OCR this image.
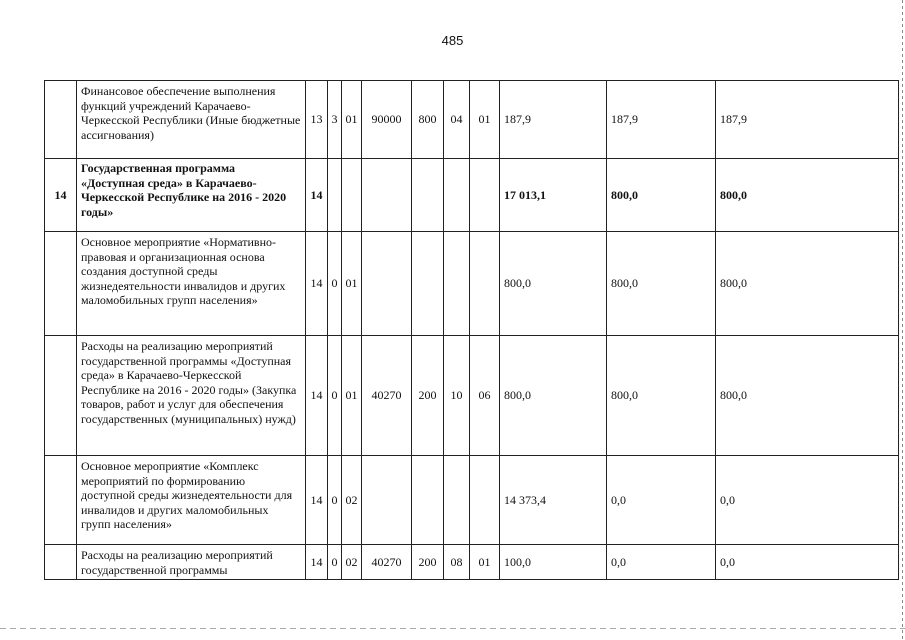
485
	Финансовое обеспечение выполнения функций учреждений Карачаево-Черкесской Республики (Иные бюджетные ассигнования)	13	3	01	90000	800	04	01	187,9	187,9	187,9
14	Государственная программа «Доступная среда» в Карачаево-Черкесской Республике на 2016 - 2020 годы»	14							17 013,1	800,0	800,0
	Основное мероприятие «Нормативно-правовая и организационная основа создания доступной среды жизнедеятельности инвалидов и других маломобильных групп населения»	14	0	01					800,0	800,0	800,0
	Расходы на реализацию мероприятий государственной программы «Доступная среда» в Карачаево-Черкесской Республике на 2016 - 2020 годы» (Закупка товаров, работ и услуг для обеспечения государственных (муниципальных) нужд)	14	0	01	40270	200	10	06	800,0	800,0	800,0
	Основное мероприятие «Комплекс мероприятий по формированию доступной среды жизнедеятельности для инвалидов и других маломобильных групп населения»	14	0	02					14 373,4	0,0	0,0
	Расходы на реализацию мероприятий государственной программы	14	0	02	40270	200	08	01	100,0	0,0	0,0
